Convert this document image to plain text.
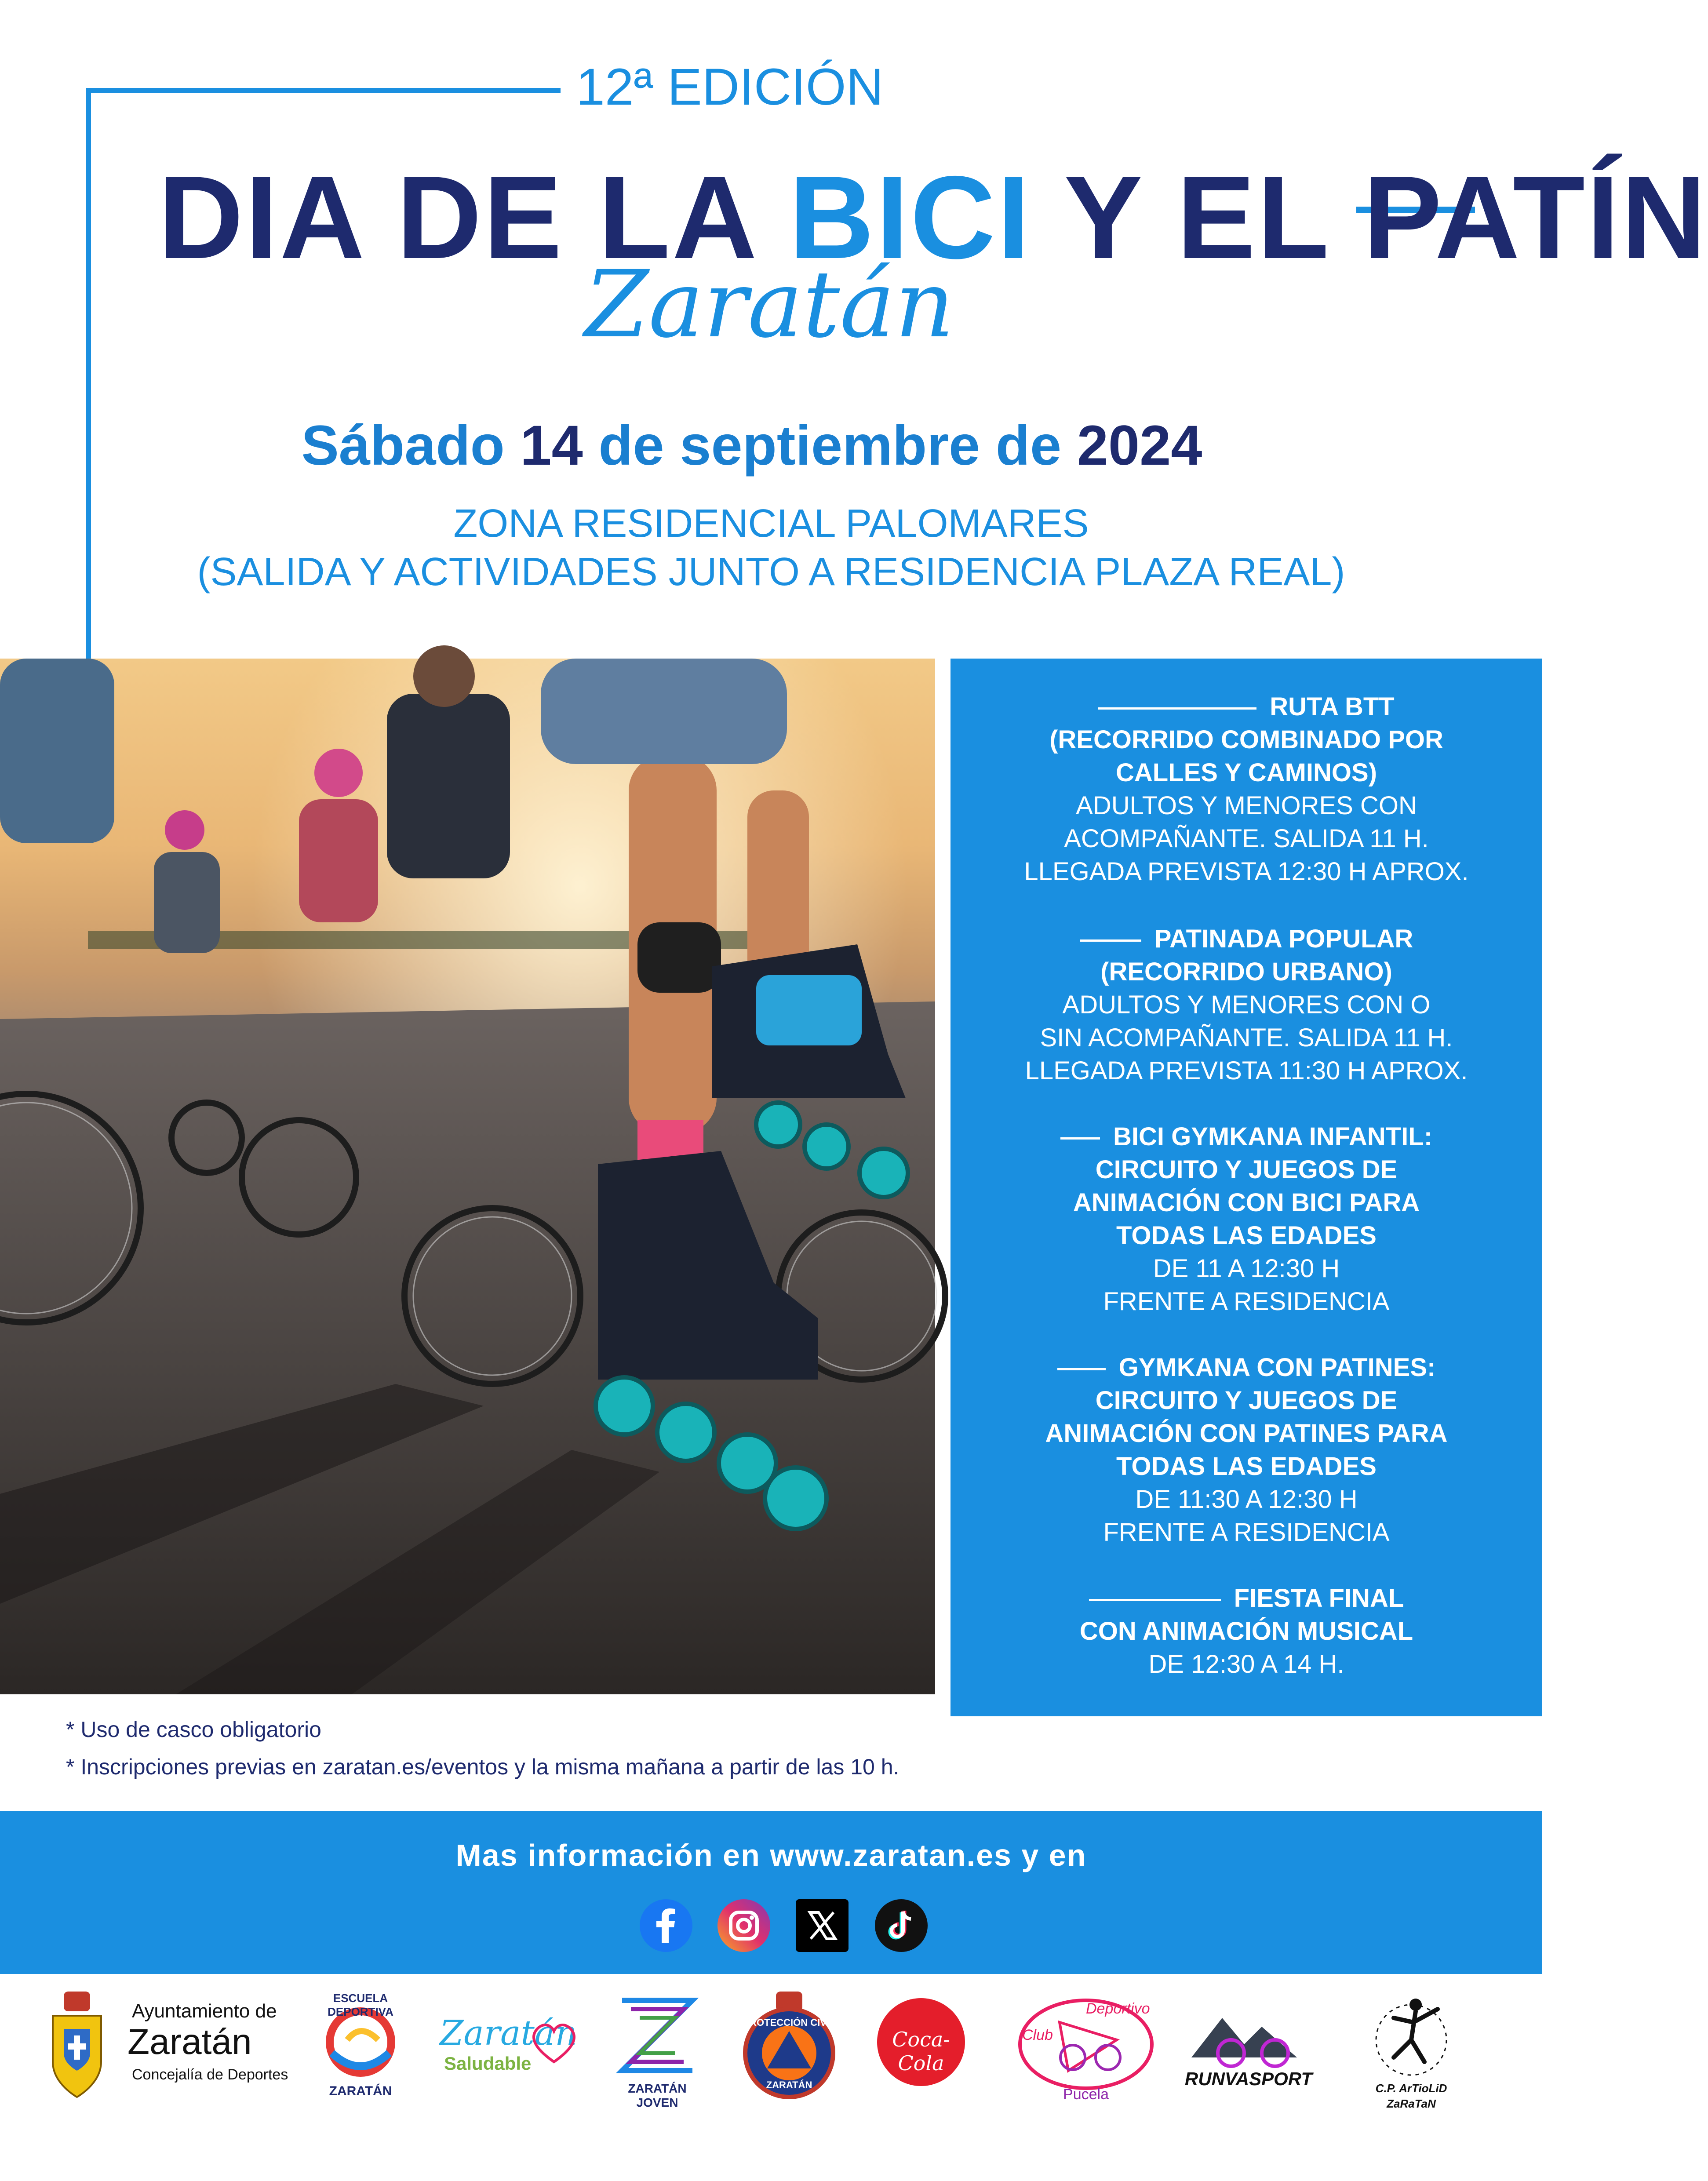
12ª EDICIÓN
DIA DE LA BICI Y EL PATÍN
Zaratán
Sábado 14 de septiembre de 2024
ZONA RESIDENCIAL PALOMARES
(SALIDA Y ACTIVIDADES JUNTO A RESIDENCIA PLAZA REAL)
RUTA BTT
(RECORRIDO COMBINADO POR
CALLES Y CAMINOS)
ADULTOS Y MENORES CON
ACOMPAÑANTE. SALIDA 11 H.
LLEGADA PREVISTA 12:30 H APROX.
PATINADA POPULAR
(RECORRIDO URBANO)
ADULTOS Y MENORES CON O
SIN ACOMPAÑANTE. SALIDA 11 H.
LLEGADA PREVISTA 11:30 H APROX.
BICI GYMKANA INFANTIL:
CIRCUITO Y JUEGOS DE
ANIMACIÓN CON BICI PARA
TODAS LAS EDADES
DE 11 A 12:30 H
FRENTE A RESIDENCIA
GYMKANA CON PATINES:
CIRCUITO Y JUEGOS DE
ANIMACIÓN CON PATINES PARA
TODAS LAS EDADES
DE 11:30 A 12:30 H
FRENTE A RESIDENCIA
FIESTA FINAL
CON ANIMACIÓN MUSICAL
DE 12:30 A 14 H.
* Uso de casco obligatorio
* Inscripciones previas en zaratan.es/eventos y la misma mañana a partir de las 10 h.
Mas información en www.zaratan.es y en
Ayuntamiento de
Zaratán
Concejalía de Deportes
ESCUELA DEPORTIVA
ZARATÁN
Zaratán
Saludable
ZARATÁN JOVEN
PROTECCIÓN CIVIL
ZARATÁN
Coca-Cola
Club
Deportivo
Pucela
RUNVASPORT	C.P. ArTioLiD
ZaRaTaN
